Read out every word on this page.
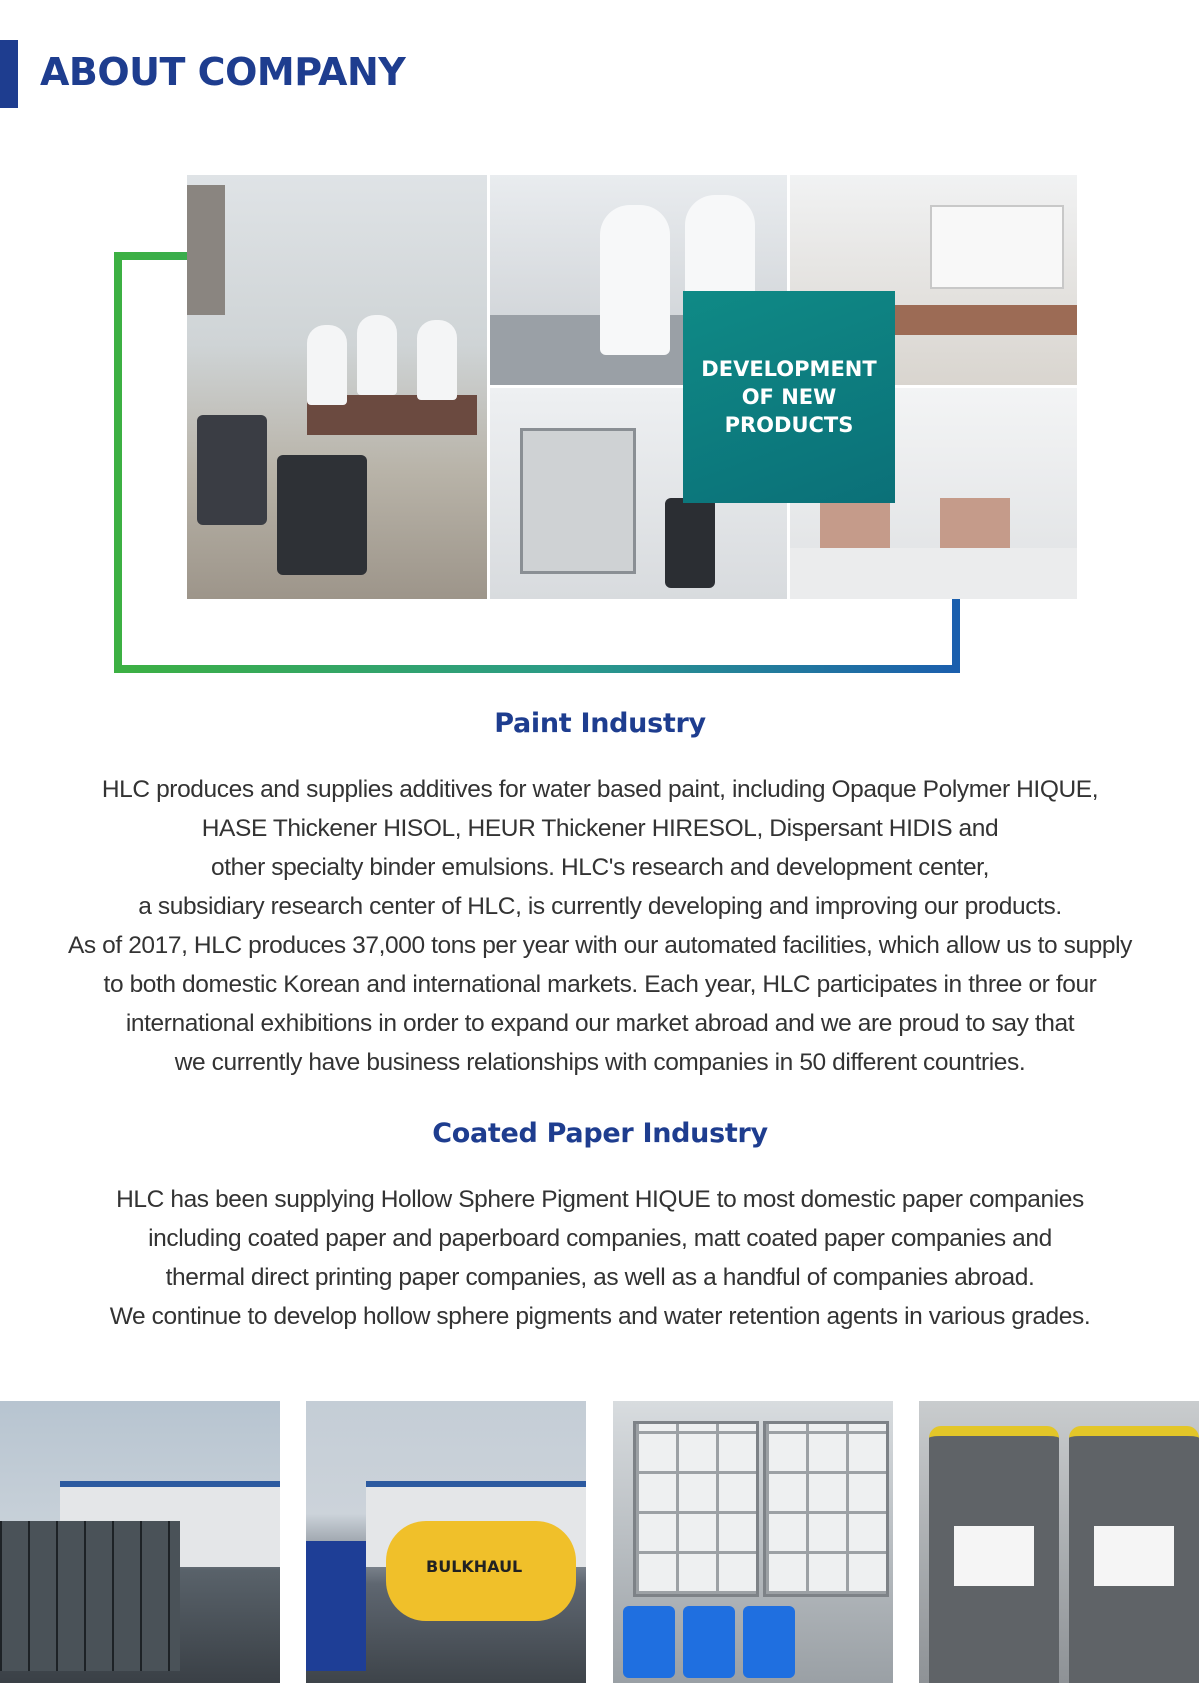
ABOUT COMPANY
DEVELOPMENT
OF NEW
PRODUCTS
Paint Industry

HLC produces and supplies additives for water based paint, including Opaque Polymer HIQUE,
HASE Thickener HISOL, HEUR Thickener HIRESOL, Dispersant HIDIS and
other specialty binder emulsions. HLC's research and development center,
a subsidiary research center of HLC, is currently developing and improving our products.
As of 2017, HLC produces 37,000 tons per year with our automated facilities, which allow us to supply
to both domestic Korean and international markets. Each year, HLC participates in three or four
international exhibitions in order to expand our market abroad and we are proud to say that
we currently have business relationships with companies in 50 different countries.

Coated Paper Industry

HLC has been supplying Hollow Sphere Pigment HIQUE to most domestic paper companies
including coated paper and paperboard companies, matt coated paper companies and
thermal direct printing paper companies, as well as a handful of companies abroad.
We continue to develop hollow sphere pigments and water retention agents in various grades.

BULKHAUL
